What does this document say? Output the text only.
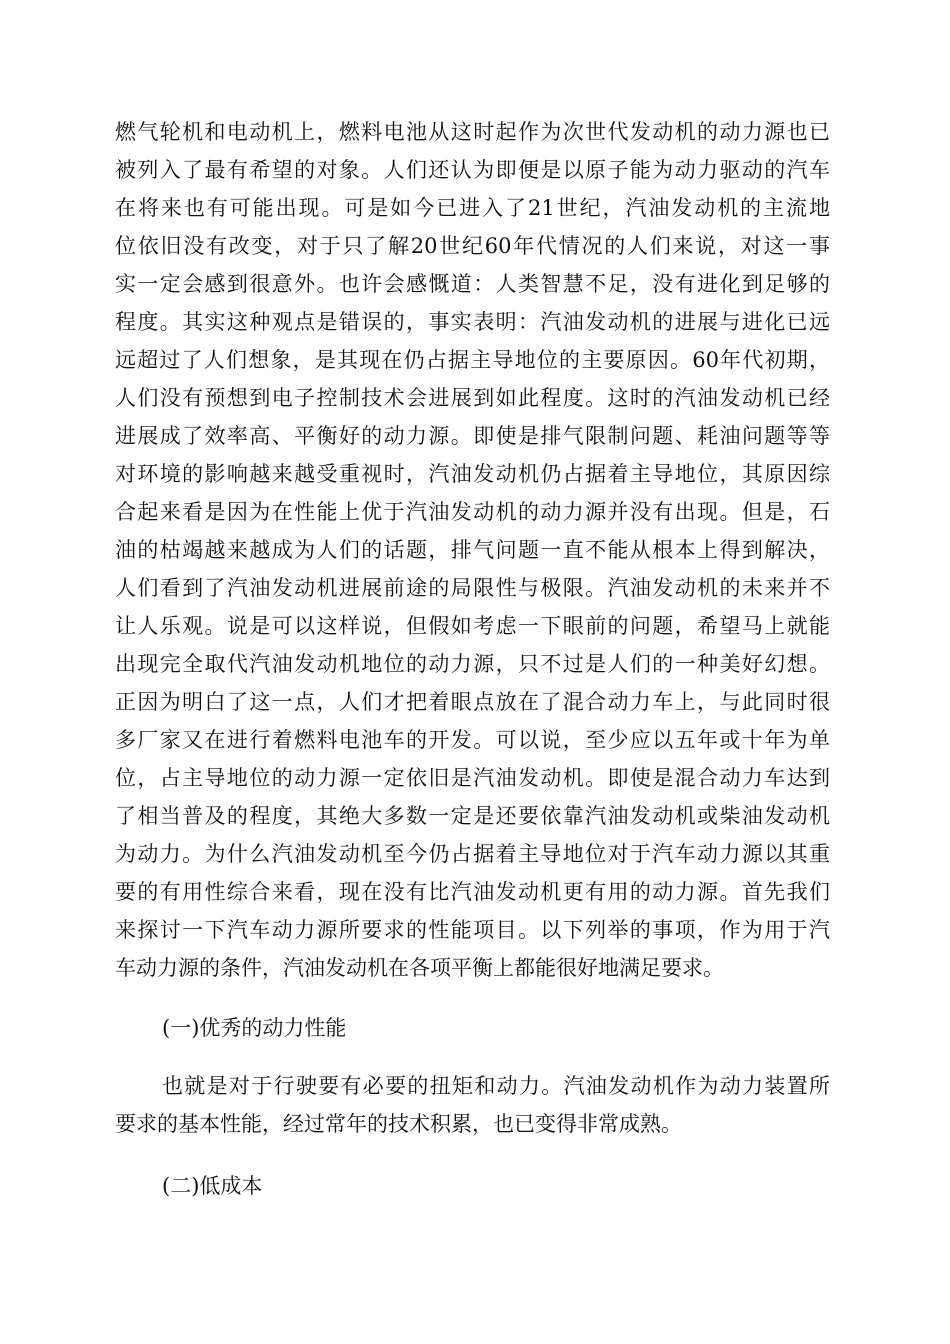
燃气轮机和电动机上，燃料电池从这时起作为次世代发动机的动力源也已
被列入了最有希望的对象。人们还认为即便是以原子能为动力驱动的汽车
在将来也有可能出现。可是如今已进入了21世纪，汽油发动机的主流地
位依旧没有改变，对于只了解20世纪60年代情况的人们来说，对这一事
实一定会感到很意外。也许会感慨道：人类智慧不足，没有进化到足够的
程度。其实这种观点是错误的，事实表明：汽油发动机的进展与进化已远
远超过了人们想象，是其现在仍占据主导地位的主要原因。60年代初期，
人们没有预想到电子控制技术会进展到如此程度。这时的汽油发动机已经
进展成了效率高、平衡好的动力源。即使是排气限制问题、耗油问题等等
对环境的影响越来越受重视时，汽油发动机仍占据着主导地位，其原因综
合起来看是因为在性能上优于汽油发动机的动力源并没有出现。但是，石
油的枯竭越来越成为人们的话题，排气问题一直不能从根本上得到解决，
人们看到了汽油发动机进展前途的局限性与极限。汽油发动机的未来并不
让人乐观。说是可以这样说，但假如考虑一下眼前的问题，希望马上就能
出现完全取代汽油发动机地位的动力源，只不过是人们的一种美好幻想。
正因为明白了这一点，人们才把着眼点放在了混合动力车上，与此同时很
多厂家又在进行着燃料电池车的开发。可以说，至少应以五年或十年为单
位，占主导地位的动力源一定依旧是汽油发动机。即使是混合动力车达到
了相当普及的程度，其绝大多数一定是还要依靠汽油发动机或柴油发动机
为动力。为什么汽油发动机至今仍占据着主导地位对于汽车动力源以其重
要的有用性综合来看，现在没有比汽油发动机更有用的动力源。首先我们
来探讨一下汽车动力源所要求的性能项目。以下列举的事项，作为用于汽
车动力源的条件，汽油发动机在各项平衡上都能很好地满足要求。
(一)优秀的动力性能
也就是对于行驶要有必要的扭矩和动力。汽油发动机作为动力装置所
要求的基本性能，经过常年的技术积累，也已变得非常成熟。
(二)低成本
